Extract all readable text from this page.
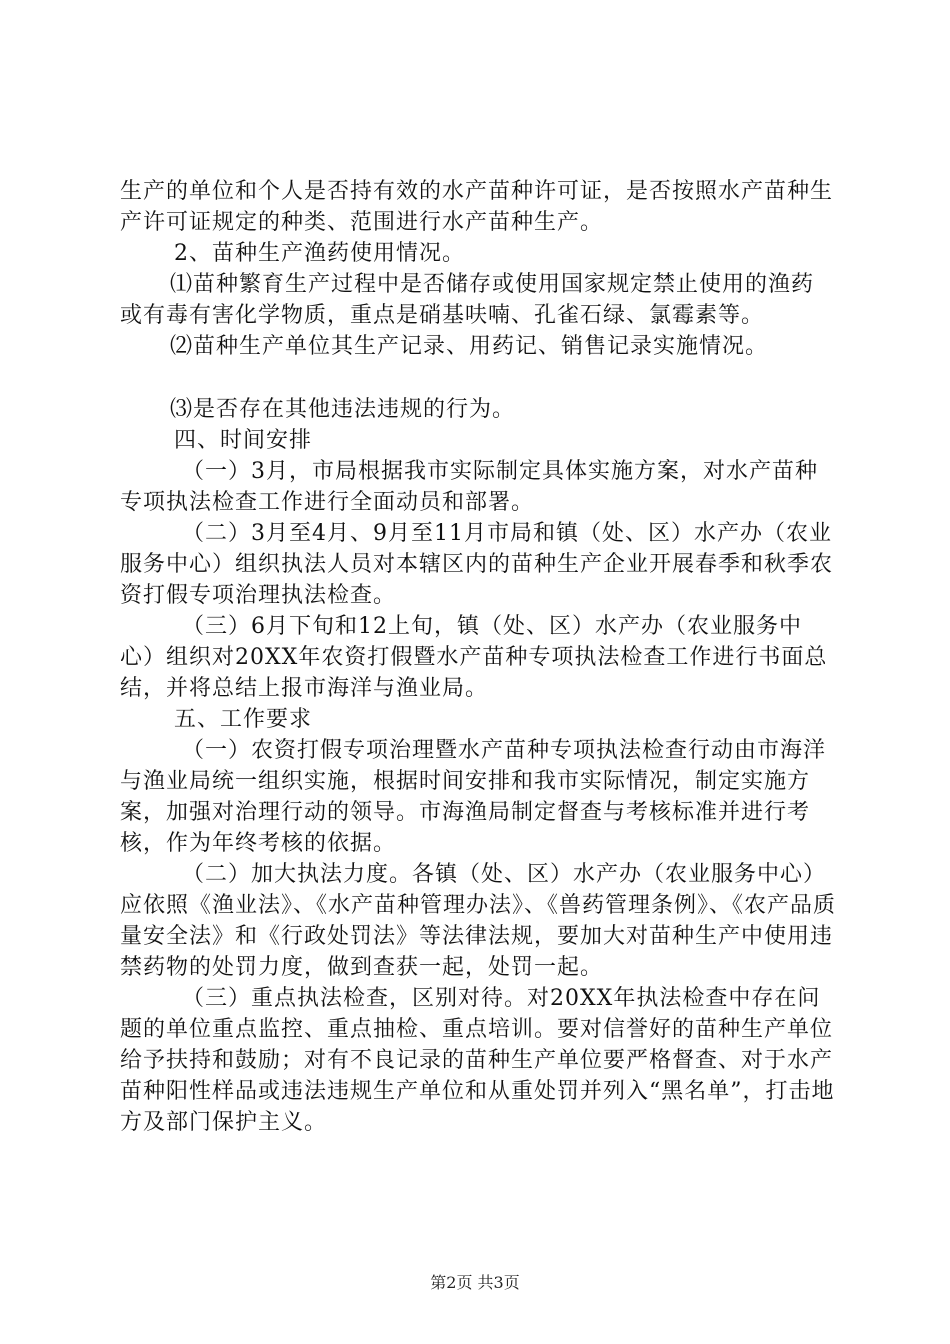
生产的单位和个人是否持有效的水产苗种许可证，是否按照水产苗种生产许可证规定的种类、范围进行水产苗种生产。

2、苗种生产渔药使用情况。

⑴苗种繁育生产过程中是否储存或使用国家规定禁止使用的渔药或有毒有害化学物质，重点是硝基呋喃、孔雀石绿、氯霉素等。

⑵苗种生产单位其生产记录、用药记、销售记录实施情况。

⑶是否存在其他违法违规的行为。

四、时间安排

（一）3月，市局根据我市实际制定具体实施方案，对水产苗种专项执法检查工作进行全面动员和部署。

（二）3月至4月、9月至11月市局和镇（处、区）水产办（农业服务中心）组织执法人员对本辖区内的苗种生产企业开展春季和秋季农资打假专项治理执法检查。

（三）6月下旬和12上旬，镇（处、区）水产办（农业服务中心）组织对20XX年农资打假暨水产苗种专项执法检查工作进行书面总结，并将总结上报市海洋与渔业局。

五、工作要求

（一）农资打假专项治理暨水产苗种专项执法检查行动由市海洋与渔业局统一组织实施，根据时间安排和我市实际情况，制定实施方案，加强对治理行动的领导。市海渔局制定督查与考核标准并进行考核，作为年终考核的依据。

（二）加大执法力度。各镇（处、区）水产办（农业服务中心）应依照《渔业法》、《水产苗种管理办法》、《兽药管理条例》、《农产品质量安全法》和《行政处罚法》等法律法规，要加大对苗种生产中使用违禁药物的处罚力度，做到查获一起，处罚一起。

（三）重点执法检查，区别对待。对20XX年执法检查中存在问题的单位重点监控、重点抽检、重点培训。要对信誉好的苗种生产单位给予扶持和鼓励；对有不良记录的苗种生产单位要严格督查、对于水产苗种阳性样品或违法违规生产单位和从重处罚并列入“黑名单”，打击地方及部门保护主义。

第2页 共3页
